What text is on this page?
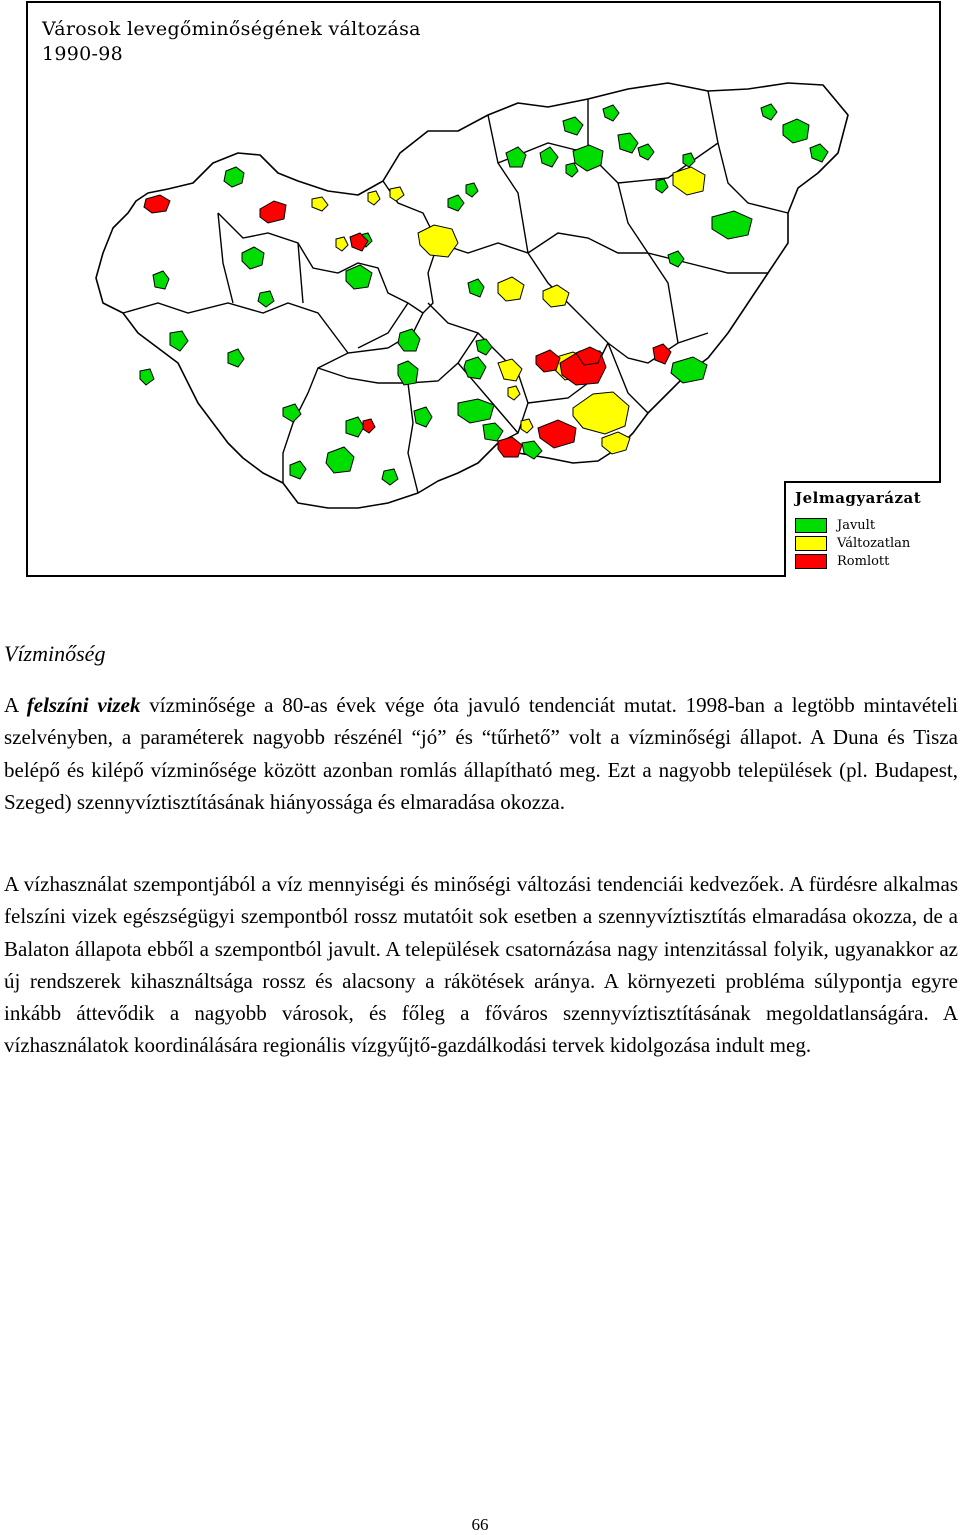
Városok levegőminőségének változása
1990-98
Jelmagyarázat
Javult
Változatlan
Romlott
Vízminőség

A felszíni vizek vízminősége a 80-as évek vége óta javuló tendenciát mutat. 1998-ban a legtöbb mintavételi szelvényben, a paraméterek nagyobb részénél “jó” és “tűrhető” volt a vízminőségi állapot. A Duna és Tisza belépő és kilépő vízminősége között azonban romlás állapítható meg. Ezt a nagyobb települések (pl. Budapest, Szeged) szennyvíztisztításának hiányossága és elmaradása okozza.

A vízhasználat szempontjából a víz mennyiségi és minőségi változási tendenciái kedvezőek. A fürdésre alkalmas felszíni vizek egészségügyi szempontból rossz mutatóit sok esetben a szennyvíztisztítás elmaradása okozza, de a Balaton állapota ebből a szempontból javult. A települések csatornázása nagy intenzitással folyik, ugyanakkor az új rendszerek kihasználtsága rossz és alacsony a rákötések aránya. A környezeti probléma súlypontja egyre inkább áttevődik a nagyobb városok, és főleg a főváros szennyvíztisztításának megoldatlanságára. A vízhasználatok koordinálására regionális vízgyűjtő-gazdálkodási tervek kidolgozása indult meg.

66
